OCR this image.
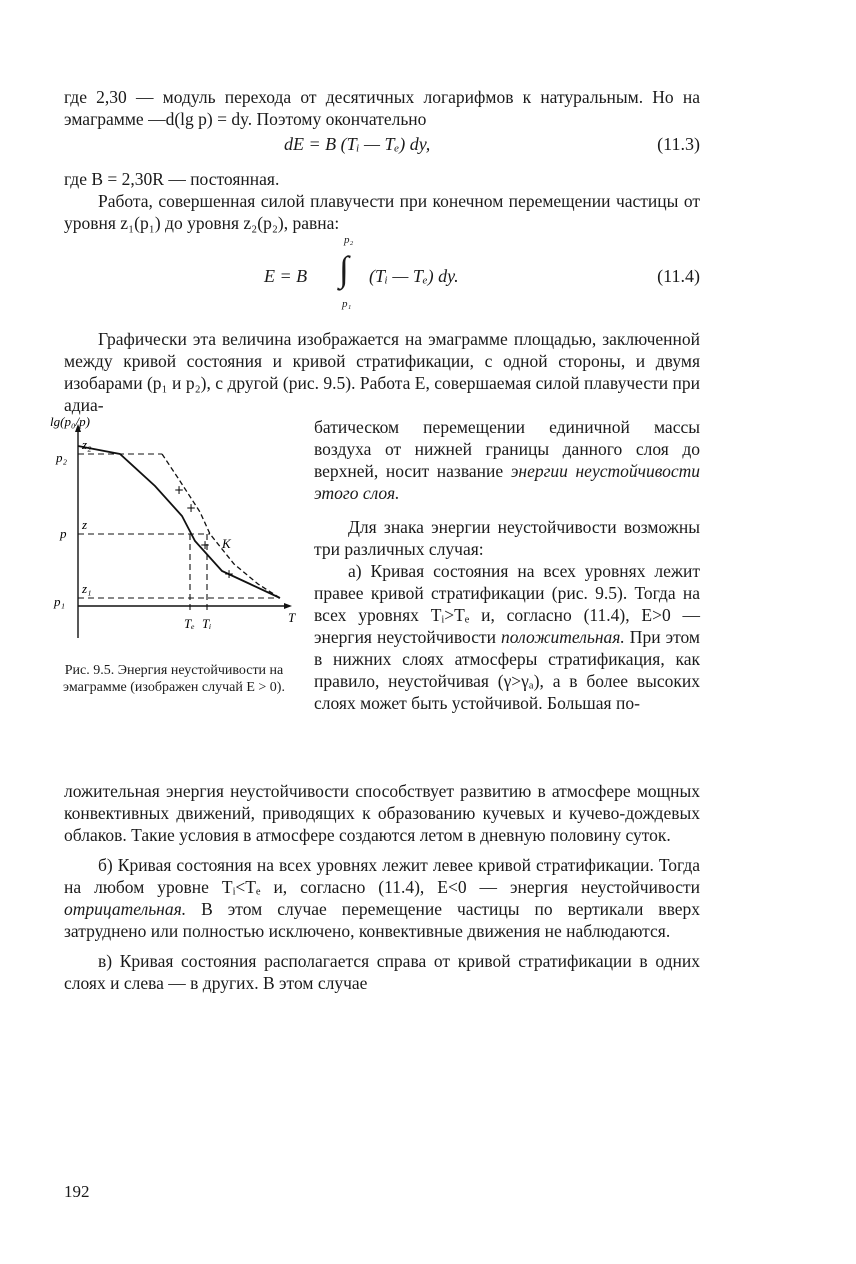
где 2,30 — модуль перехода от десятичных логарифмов к натуральным. Но на эмаграмме —d(lg p) = dy. Поэтому окончательно

dE = B (Tᵢ — Tₑ) dy,	(11.3)

где B = 2,30R — постоянная.

Работа, совершенная силой плавучести при конечном перемещении частицы от уровня z₁(p₁) до уровня z₂(p₂), равна:

E = B ∫
p₂
p₁
(Tᵢ — Tₑ) dy.	(11.4)

Графически эта величина изображается на эмаграмме площадью, заключенной между кривой состояния и кривой стратификации, с одной стороны, и двумя изобарами (p₁ и p₂), с другой (рис. 9.5). Работа E, совершаемая силой плавучести при адиа-

+
+
+
+
lg(p₀/p)
T
p₂
p
p₁
z₂
z
z₁
K
Tₑ Tᵢ
Рис. 9.5. Энергия неустойчивости на эмаграмме (изображен случай E > 0).

батическом перемещении единичной массы воздуха от нижней границы данного слоя до верхней, носит название энергии неустойчивости этого слоя.

Для знака энергии неустойчивости возможны три различных случая:

а) Кривая состояния на всех уровнях лежит правее кривой стратификации (рис. 9.5). Тогда на всех уровнях Tᵢ>Tₑ и, согласно (11.4), E>0 — энергия неустойчивости положительная. При этом в нижних слоях атмосферы стратификация, как правило, неустойчивая (γ>γₐ), а в более высоких слоях может быть устойчивой. Большая по-

ложительная энергия неустойчивости способствует развитию в атмосфере мощных конвективных движений, приводящих к образованию кучевых и кучево-дождевых облаков. Такие условия в атмосфере создаются летом в дневную половину суток.

б) Кривая состояния на всех уровнях лежит левее кривой стратификации. Тогда на любом уровне Tᵢ<Tₑ и, согласно (11.4), E<0 — энергия неустойчивости отрицательная. В этом случае перемещение частицы по вертикали вверх затруднено или полностью исключено, конвективные движения не наблюдаются.

в) Кривая состояния располагается справа от кривой стратификации в одних слоях и слева — в других. В этом случае

192
